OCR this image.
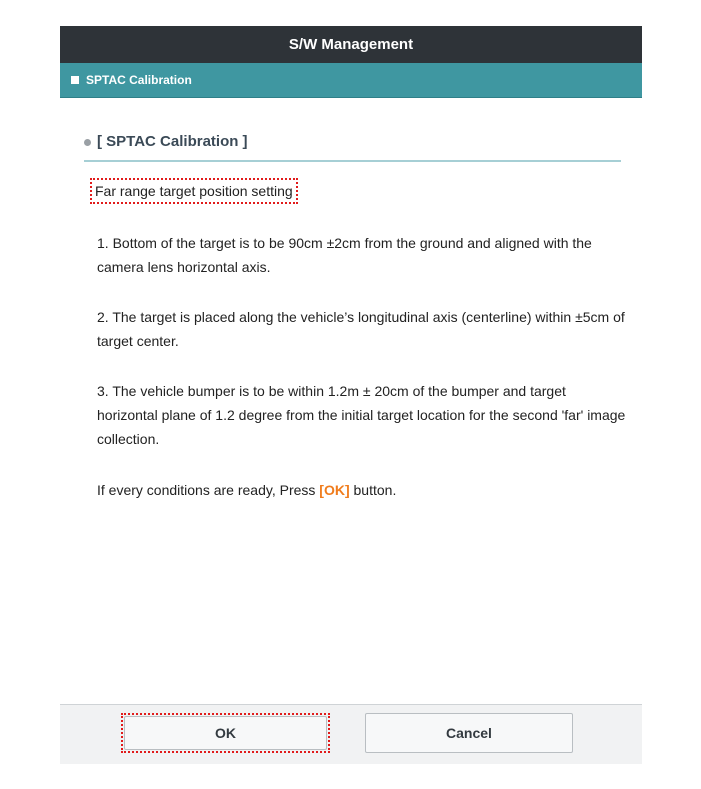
S/W Management
SPTAC Calibration
[ SPTAC Calibration ]
Far range target position setting
1. Bottom of the target is to be 90cm ±2cm from the ground and aligned with the camera lens horizontal axis.
2. The target is placed along the vehicle’s longitudinal axis (centerline) within ±5cm of target center.
3. The vehicle bumper is to be within 1.2m ± 20cm of the bumper and target horizontal plane of 1.2 degree from the initial target location for the second 'far' image collection.
If every conditions are ready, Press [OK] button.
OK	Cancel
